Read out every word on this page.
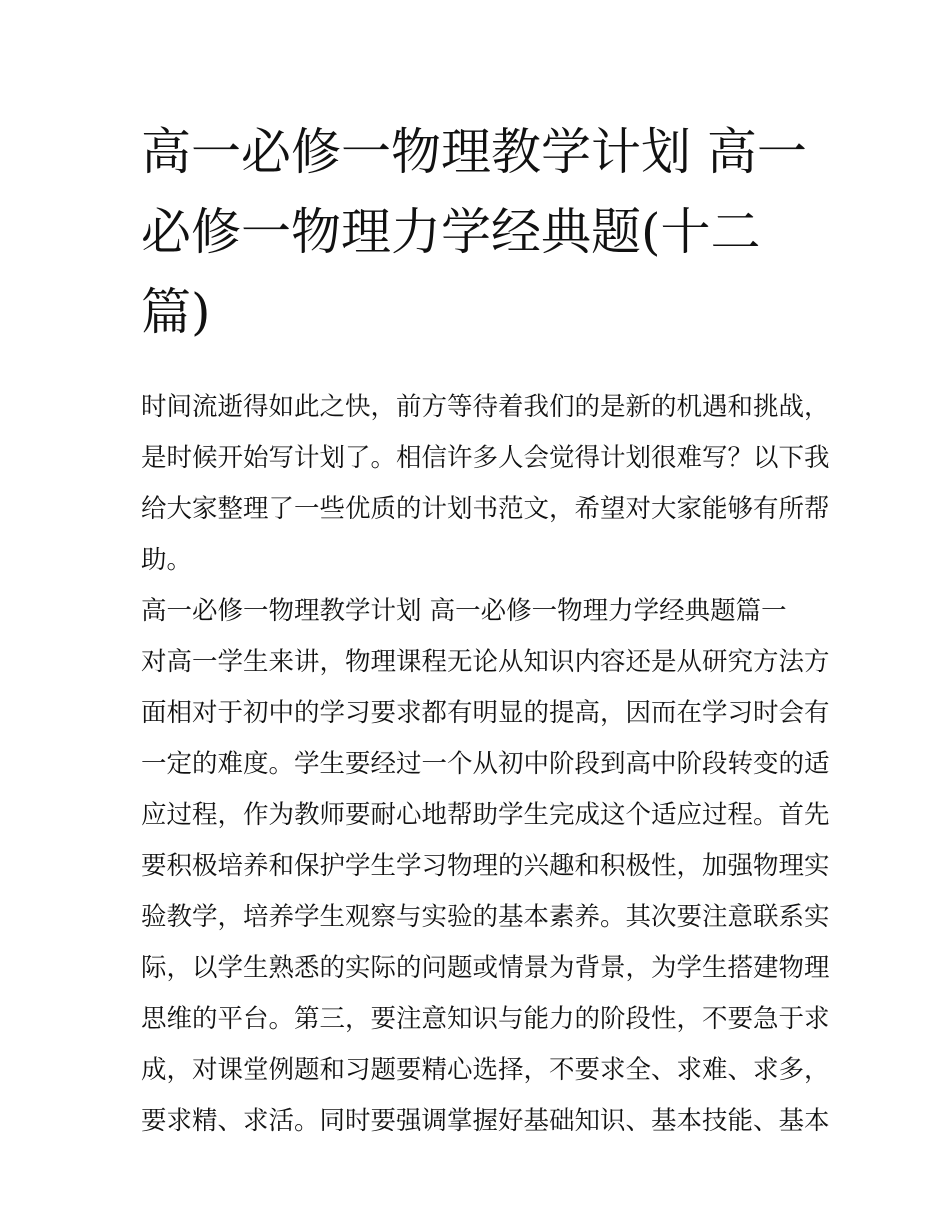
高一必修一物理教学计划 高一
必修一物理力学经典题(十二
篇)

时间流逝得如此之快，前方等待着我们的是新的机遇和挑战，
是时候开始写计划了。相信许多人会觉得计划很难写？以下我
给大家整理了一些优质的计划书范文，希望对大家能够有所帮
助。

高一必修一物理教学计划 高一必修一物理力学经典题篇一

对高一学生来讲，物理课程无论从知识内容还是从研究方法方
面相对于初中的学习要求都有明显的提高，因而在学习时会有
一定的难度。学生要经过一个从初中阶段到高中阶段转变的适
应过程，作为教师要耐心地帮助学生完成这个适应过程。首先
要积极培养和保护学生学习物理的兴趣和积极性，加强物理实
验教学，培养学生观察与实验的基本素养。其次要注意联系实
际，以学生熟悉的实际的问题或情景为背景，为学生搭建物理
思维的平台。第三，要注意知识与能力的阶段性，不要急于求
成，对课堂例题和习题要精心选择，不要求全、求难、求多，
要求精、求活。同时要强调掌握好基础知识、基本技能、基本
